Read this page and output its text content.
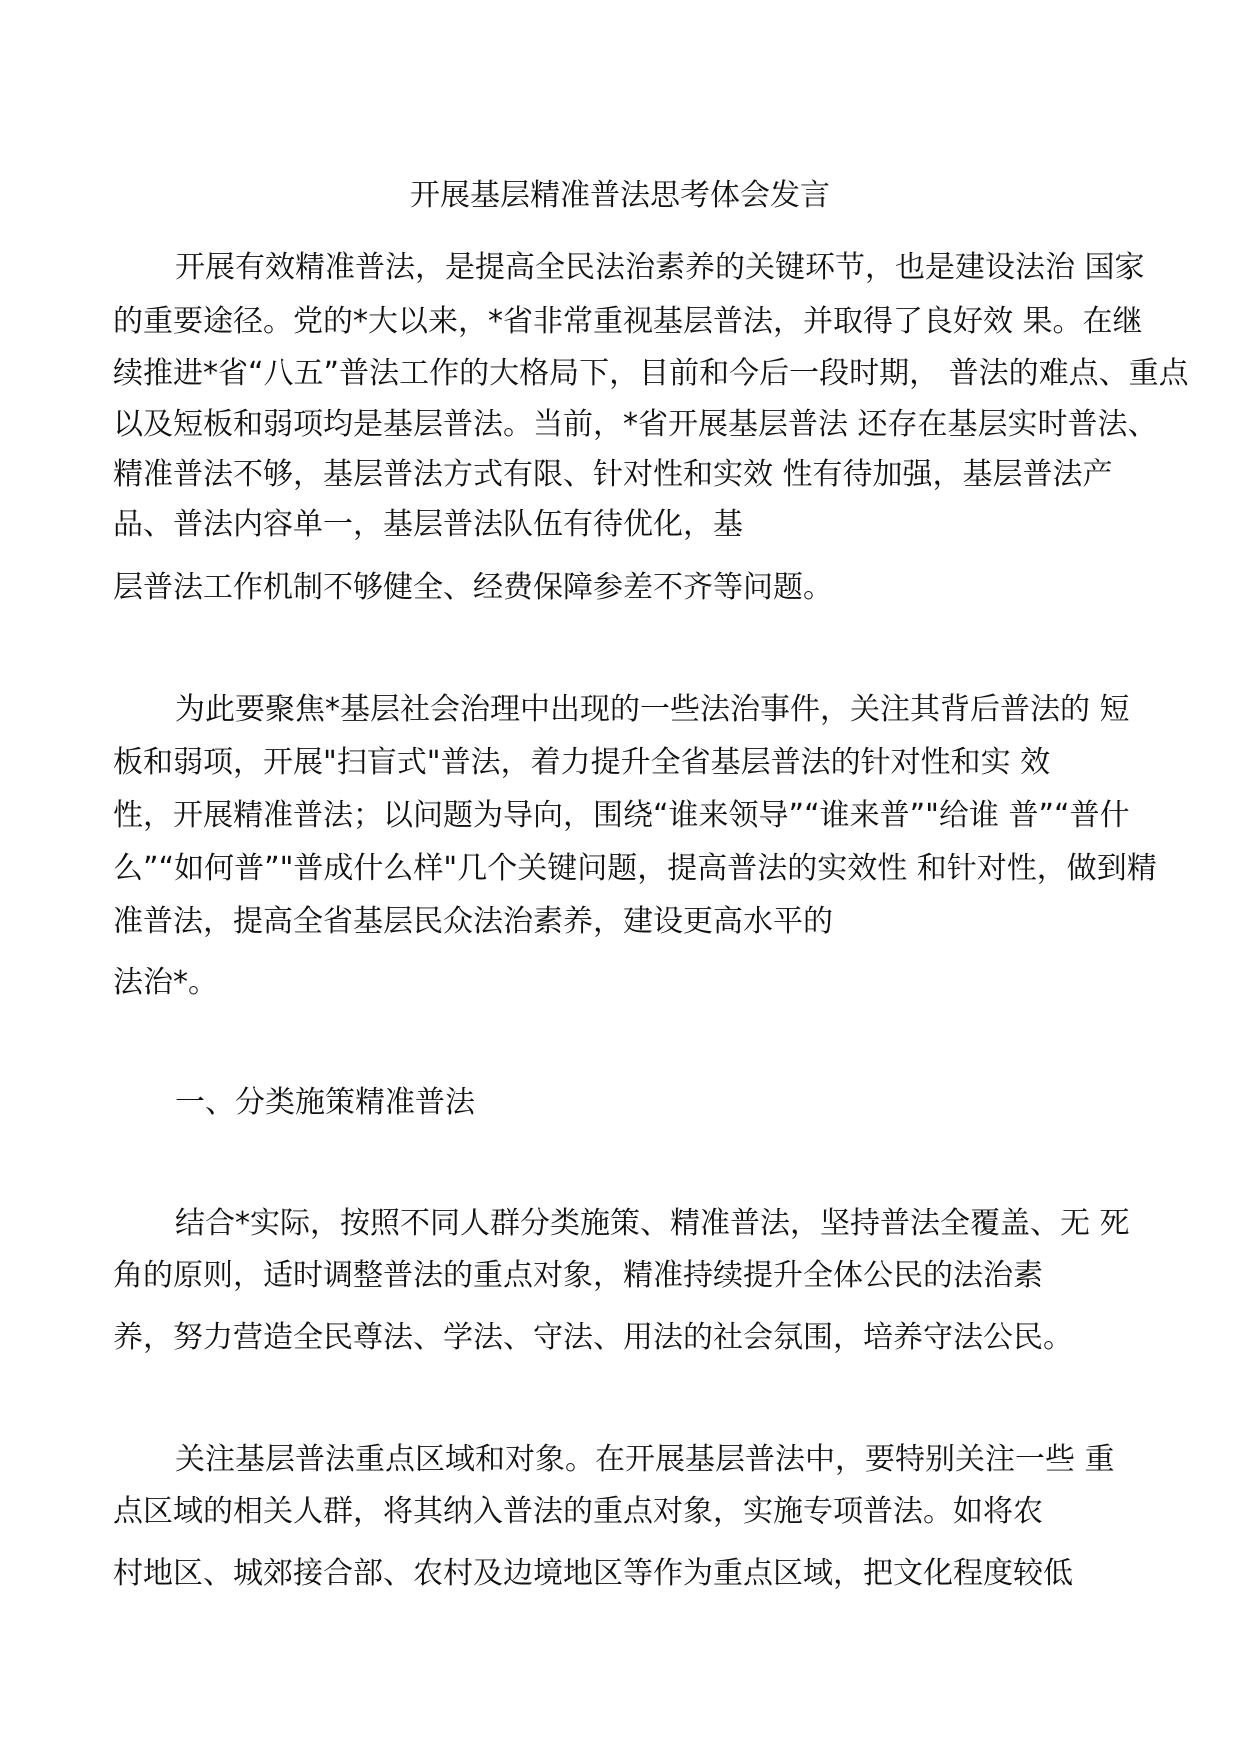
开展基层精准普法思考体会发言
开展有效精准普法，是提高全民法治素养的关键环节，也是建设法治 国家
的重要途径。党的*大以来，*省非常重视基层普法，并取得了良好效 果。在继
续推进*省“八五”普法工作的大格局下，目前和今后一段时期， 普法的难点、重点
以及短板和弱项均是基层普法。当前，*省开展基层普法 还存在基层实时普法、
精准普法不够，基层普法方式有限、针对性和实效 性有待加强，基层普法产
品、普法内容单一，基层普法队伍有待优化，基
层普法工作机制不够健全、经费保障参差不齐等问题。
为此要聚焦*基层社会治理中出现的一些法治事件，关注其背后普法的 短
板和弱项，开展"扫盲式"普法，着力提升全省基层普法的针对性和实 效
性，开展精准普法；以问题为导向，围绕“谁来领导”“谁来普”"给谁 普”“普什
么”“如何普”"普成什么样"几个关键问题，提高普法的实效性 和针对性，做到精
准普法，提高全省基层民众法治素养，建设更高水平的
法治*。
一、分类施策精准普法
结合*实际，按照不同人群分类施策、精准普法，坚持普法全覆盖、无 死
角的原则，适时调整普法的重点对象，精准持续提升全体公民的法治素
养，努力营造全民尊法、学法、守法、用法的社会氛围，培养守法公民。
关注基层普法重点区域和对象。在开展基层普法中，要特别关注一些 重
点区域的相关人群，将其纳入普法的重点对象，实施专项普法。如将农
村地区、城郊接合部、农村及边境地区等作为重点区域，把文化程度较低
